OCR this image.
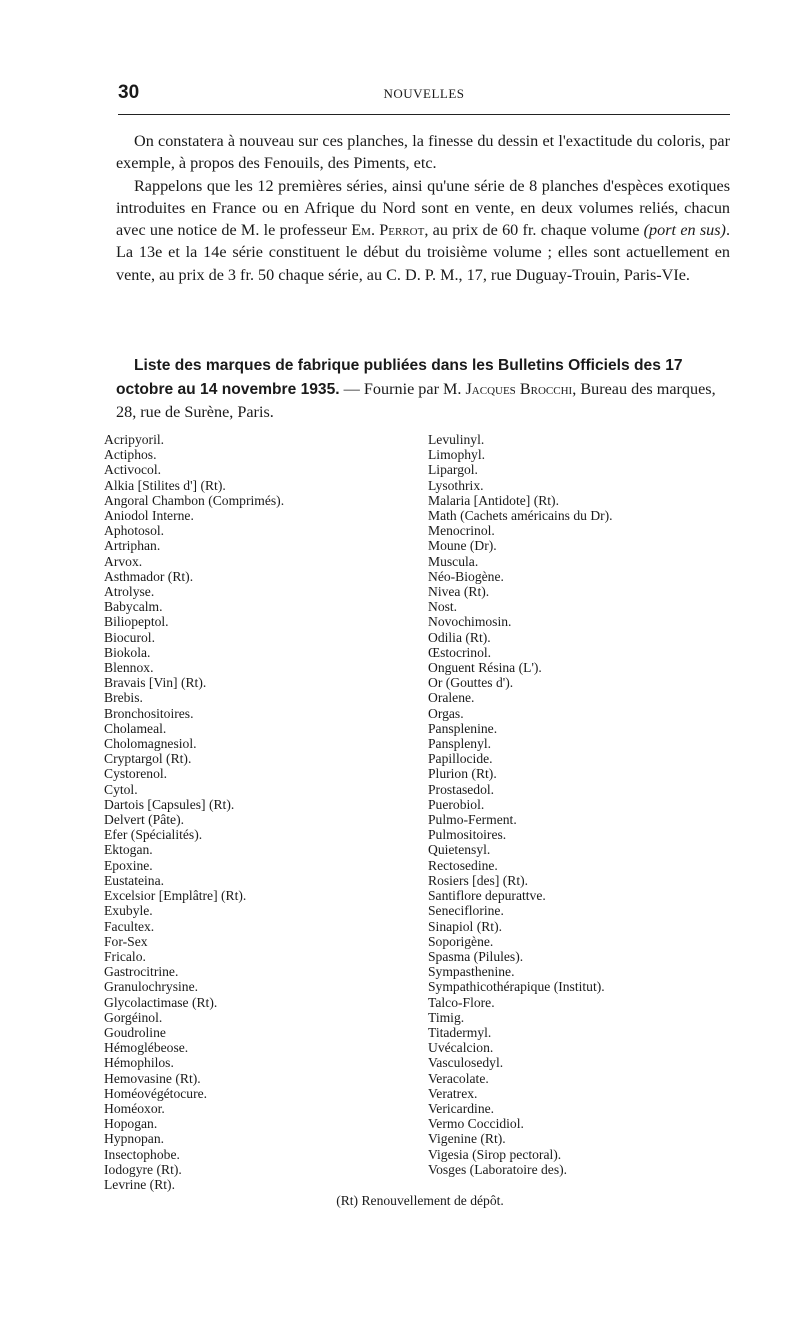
30	NOUVELLES

On constatera à nouveau sur ces planches, la finesse du dessin et l'exactitude du coloris, par exemple, à propos des Fenouils, des Piments, etc.

Rappelons que les 12 premières séries, ainsi qu'une série de 8 planches d'espèces exotiques introduites en France ou en Afrique du Nord sont en vente, en deux volumes reliés, chacun avec une notice de M. le professeur Em. Perrot, au prix de 60 fr. chaque volume (port en sus). La 13e et la 14e série constituent le début du troisième volume ; elles sont actuellement en vente, au prix de 3 fr. 50 chaque série, au C. D. P. M., 17, rue Duguay-Trouin, Paris-VIe.

Liste des marques de fabrique publiées dans les Bulletins Officiels des 17 octobre au 14 novembre 1935. — Fournie par M. Jacques Brocchi, Bureau des marques, 28, rue de Surène, Paris.

Acripyoril.
Actiphos.
Activocol.
Alkia [Stilites d'] (Rt).
Angoral Chambon (Comprimés).
Aniodol Interne.
Aphotosol.
Artriphan.
Arvox.
Asthmador (Rt).
Atrolyse.
Babycalm.
Biliopeptol.
Biocurol.
Biokola.
Blennox.
Bravais [Vin] (Rt).
Brebis.
Bronchositoires.
Cholameal.
Cholomagnesiol.
Cryptargol (Rt).
Cystorenol.
Cytol.
Dartois [Capsules] (Rt).
Delvert (Pâte).
Efer (Spécialités).
Ektogan.
Epoxine.
Eustateina.
Excelsior [Emplâtre] (Rt).
Exubyle.
Facultex.
For-Sex
Fricalo.
Gastrocitrine.
Granulochrysine.
Glycolactimase (Rt).
Gorgéinol.
Goudroline
Hémoglébeose.
Hémophilos.
Hemovasine (Rt).
Homéovégétocure.
Homéoxor.
Hopogan.
Hypnopan.
Insectophobe.
Iodogyre (Rt).
Levrine (Rt).
Levulinyl.
Limophyl.
Lipargol.
Lysothrix.
Malaria [Antidote] (Rt).
Math (Cachets américains du Dr).
Menocrinol.
Moune (Dr).
Muscula.
Néo-Biogène.
Nivea (Rt).
Nost.
Novochimosin.
Odilia (Rt).
Œstocrinol.
Onguent Résina (L').
Or (Gouttes d').
Oralene.
Orgas.
Pansplenine.
Pansplenyl.
Papillocide.
Plurion (Rt).
Prostasedol.
Puerobiol.
Pulmo-Ferment.
Pulmositoires.
Quietensyl.
Rectosedine.
Rosiers [des] (Rt).
Santiflore depurattve.
Seneciflorine.
Sinapiol (Rt).
Soporigène.
Spasma (Pilules).
Sympasthenine.
Sympathicothérapique (Institut).
Talco-Flore.
Timig.
Titadermyl.
Uvécalcion.
Vasculosedyl.
Veracolate.
Veratrex.
Vericardine.
Vermo Coccidiol.
Vigenine (Rt).
Vigesia (Sirop pectoral).
Vosges (Laboratoire des).
(Rt) Renouvellement de dépôt.
